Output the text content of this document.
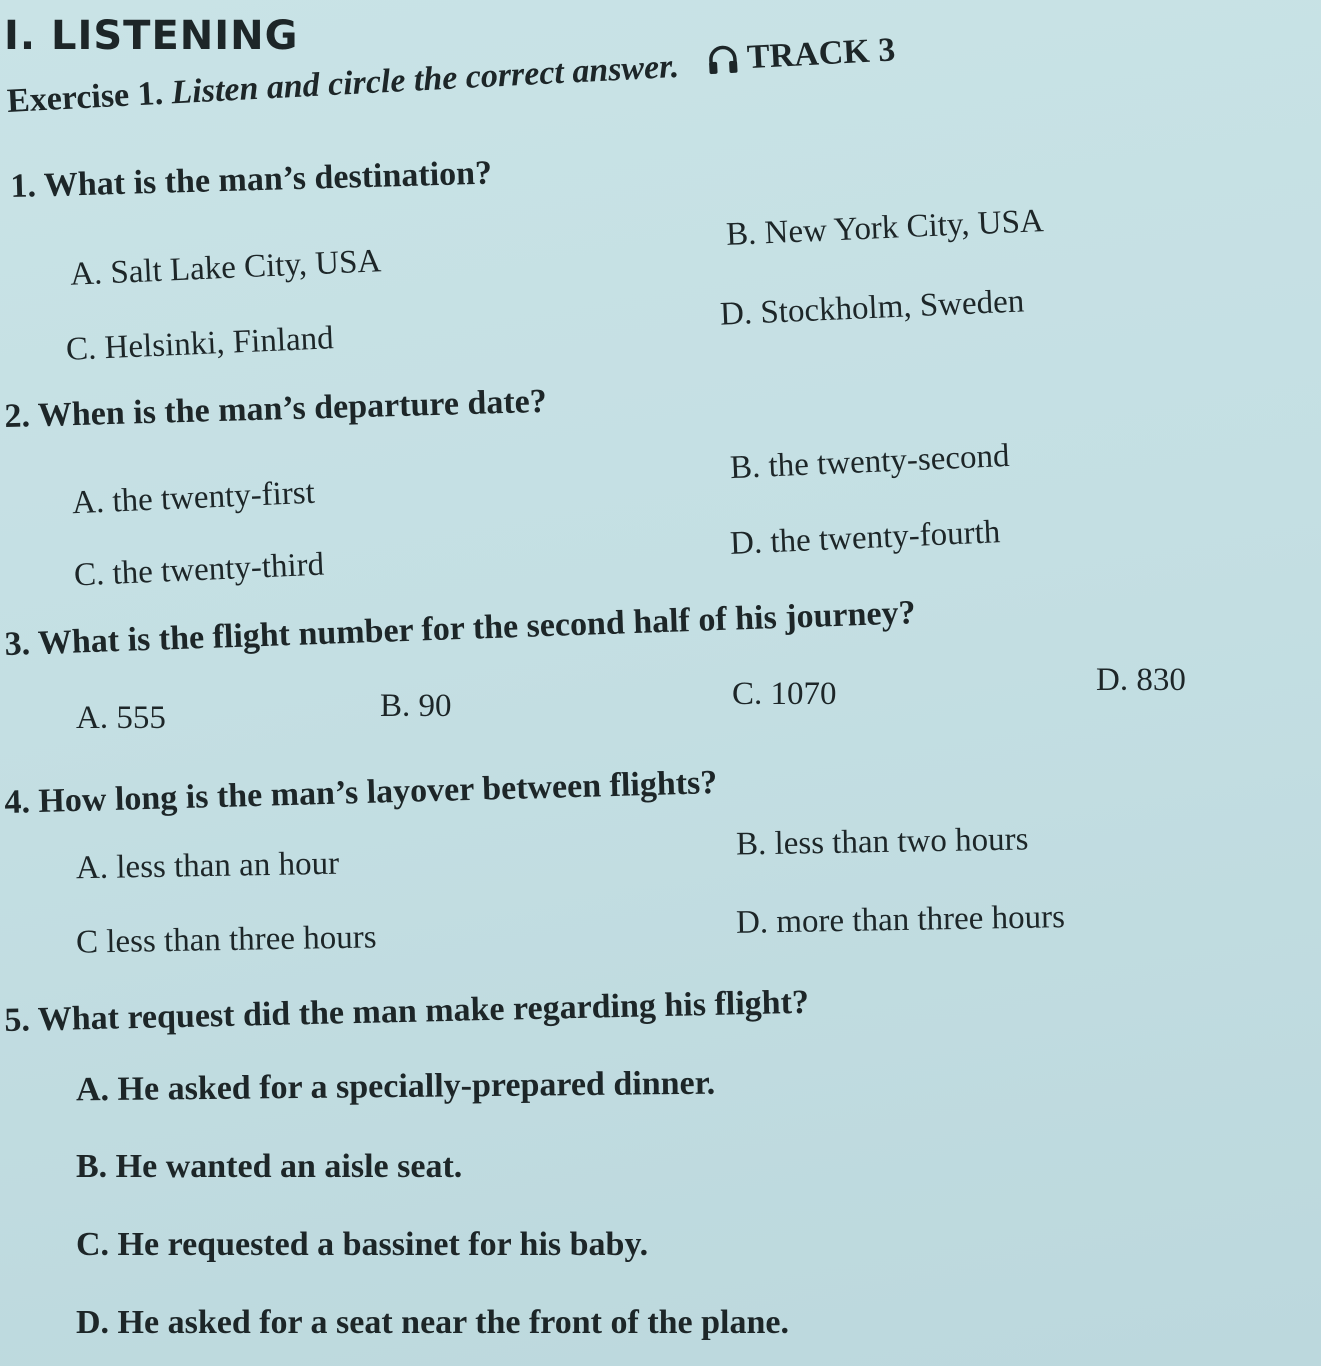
I. LISTENING
Exercise 1. Listen and circle the correct answer. TRACK 3
1. What is the man’s destination?
A. Salt Lake City, USA
B. New York City, USA
C. Helsinki, Finland
D. Stockholm, Sweden
2. When is the man’s departure date?
A. the twenty-first
B. the twenty-second
C. the twenty-third
D. the twenty-fourth
3. What is the flight number for the second half of his journey?
A. 555	B. 90	C. 1070	D. 830
4. How long is the man’s layover between flights?
A. less than an hour
B. less than two hours
C less than three hours	D. more than three hours
5. What request did the man make regarding his flight?
A. He asked for a specially-prepared dinner.
B. He wanted an aisle seat.
C. He requested a bassinet for his baby.
D. He asked for a seat near the front of the plane.
